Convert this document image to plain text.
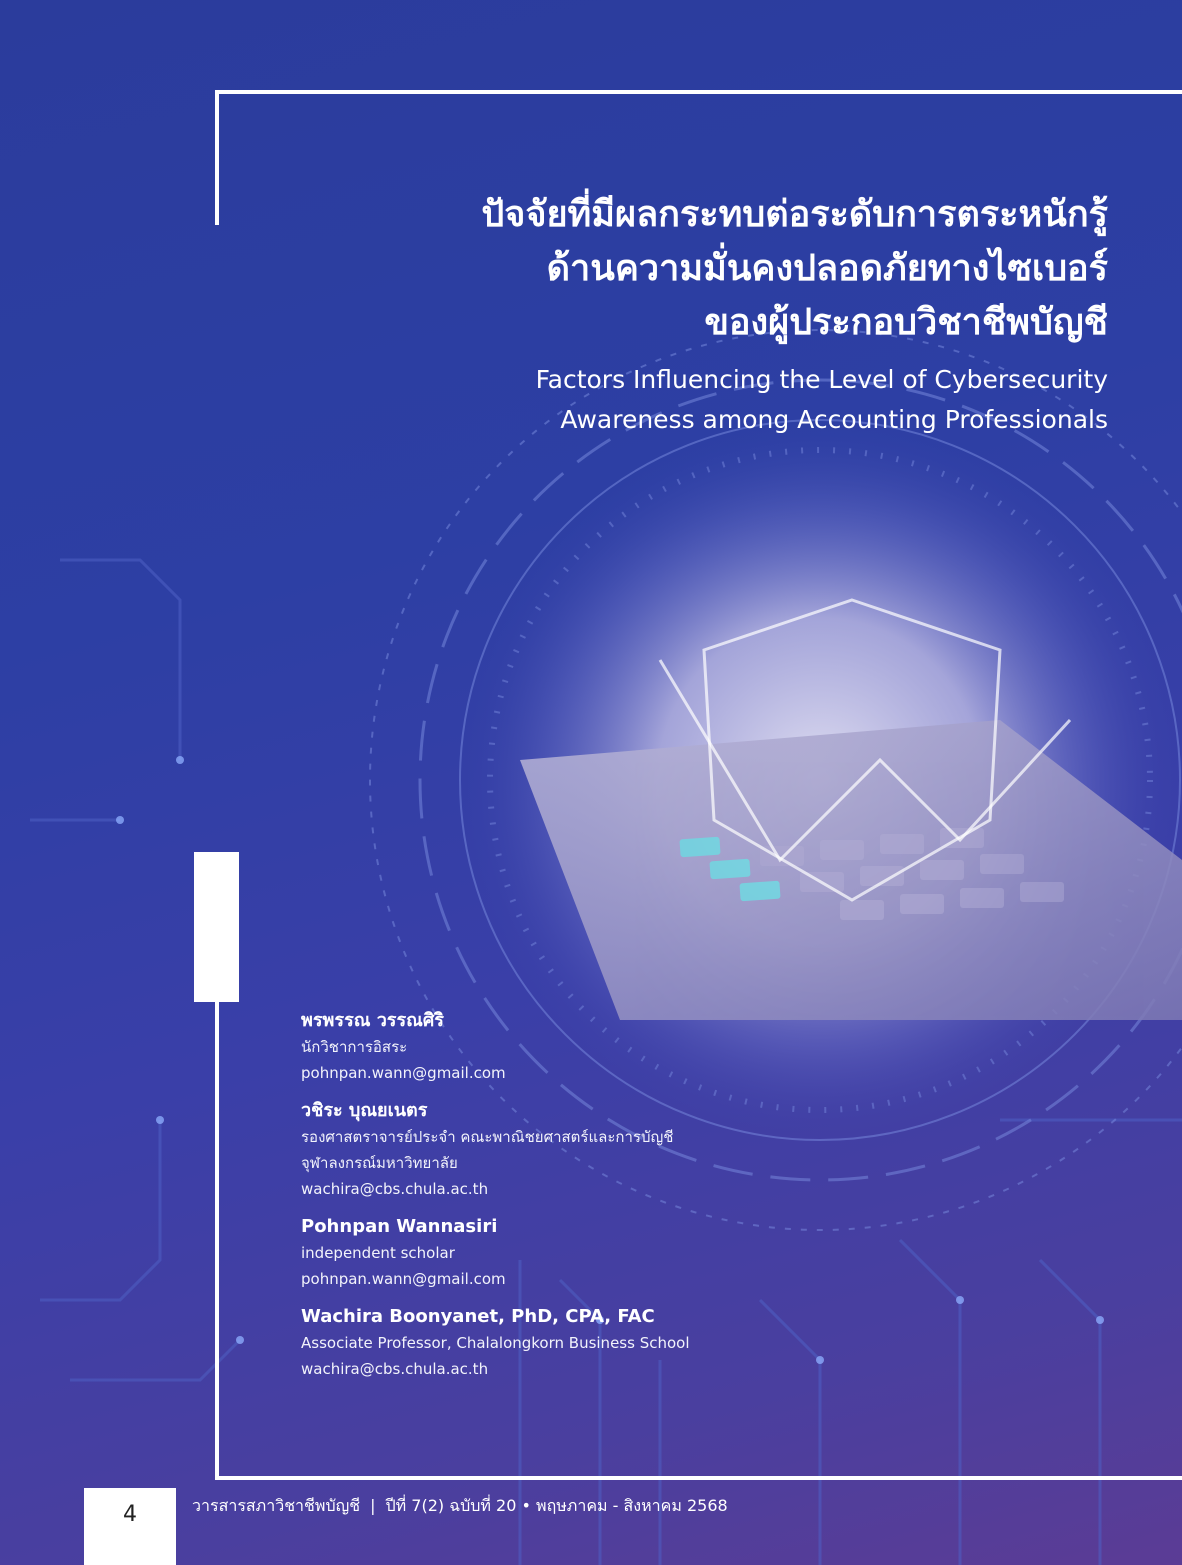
ปัจจัยที่มีผลกระทบต่อระดับการตระหนักรู้
ด้านความมั่นคงปลอดภัยทางไซเบอร์
ของผู้ประกอบวิชาชีพบัญชี
Factors Influencing the Level of Cybersecurity
Awareness among Accounting Professionals
พรพรรณ วรรณศิริ
นักวิชาการอิสระ
pohnpan.wann@gmail.com
วชิระ บุณยเนตร
รองศาสตราจารย์ประจำ คณะพาณิชยศาสตร์และการบัญชี
จุฬาลงกรณ์มหาวิทยาลัย
wachira@cbs.chula.ac.th
Pohnpan Wannasiri
independent scholar
pohnpan.wann@gmail.com
Wachira Boonyanet, PhD, CPA, FAC
Associate Professor, Chalalongkorn Business School
wachira@cbs.chula.ac.th
4	วารสารสภาวิชาชีพบัญชี | ปีที่ 7(2) ฉบับที่ 20 • พฤษภาคม - สิงหาคม 2568
